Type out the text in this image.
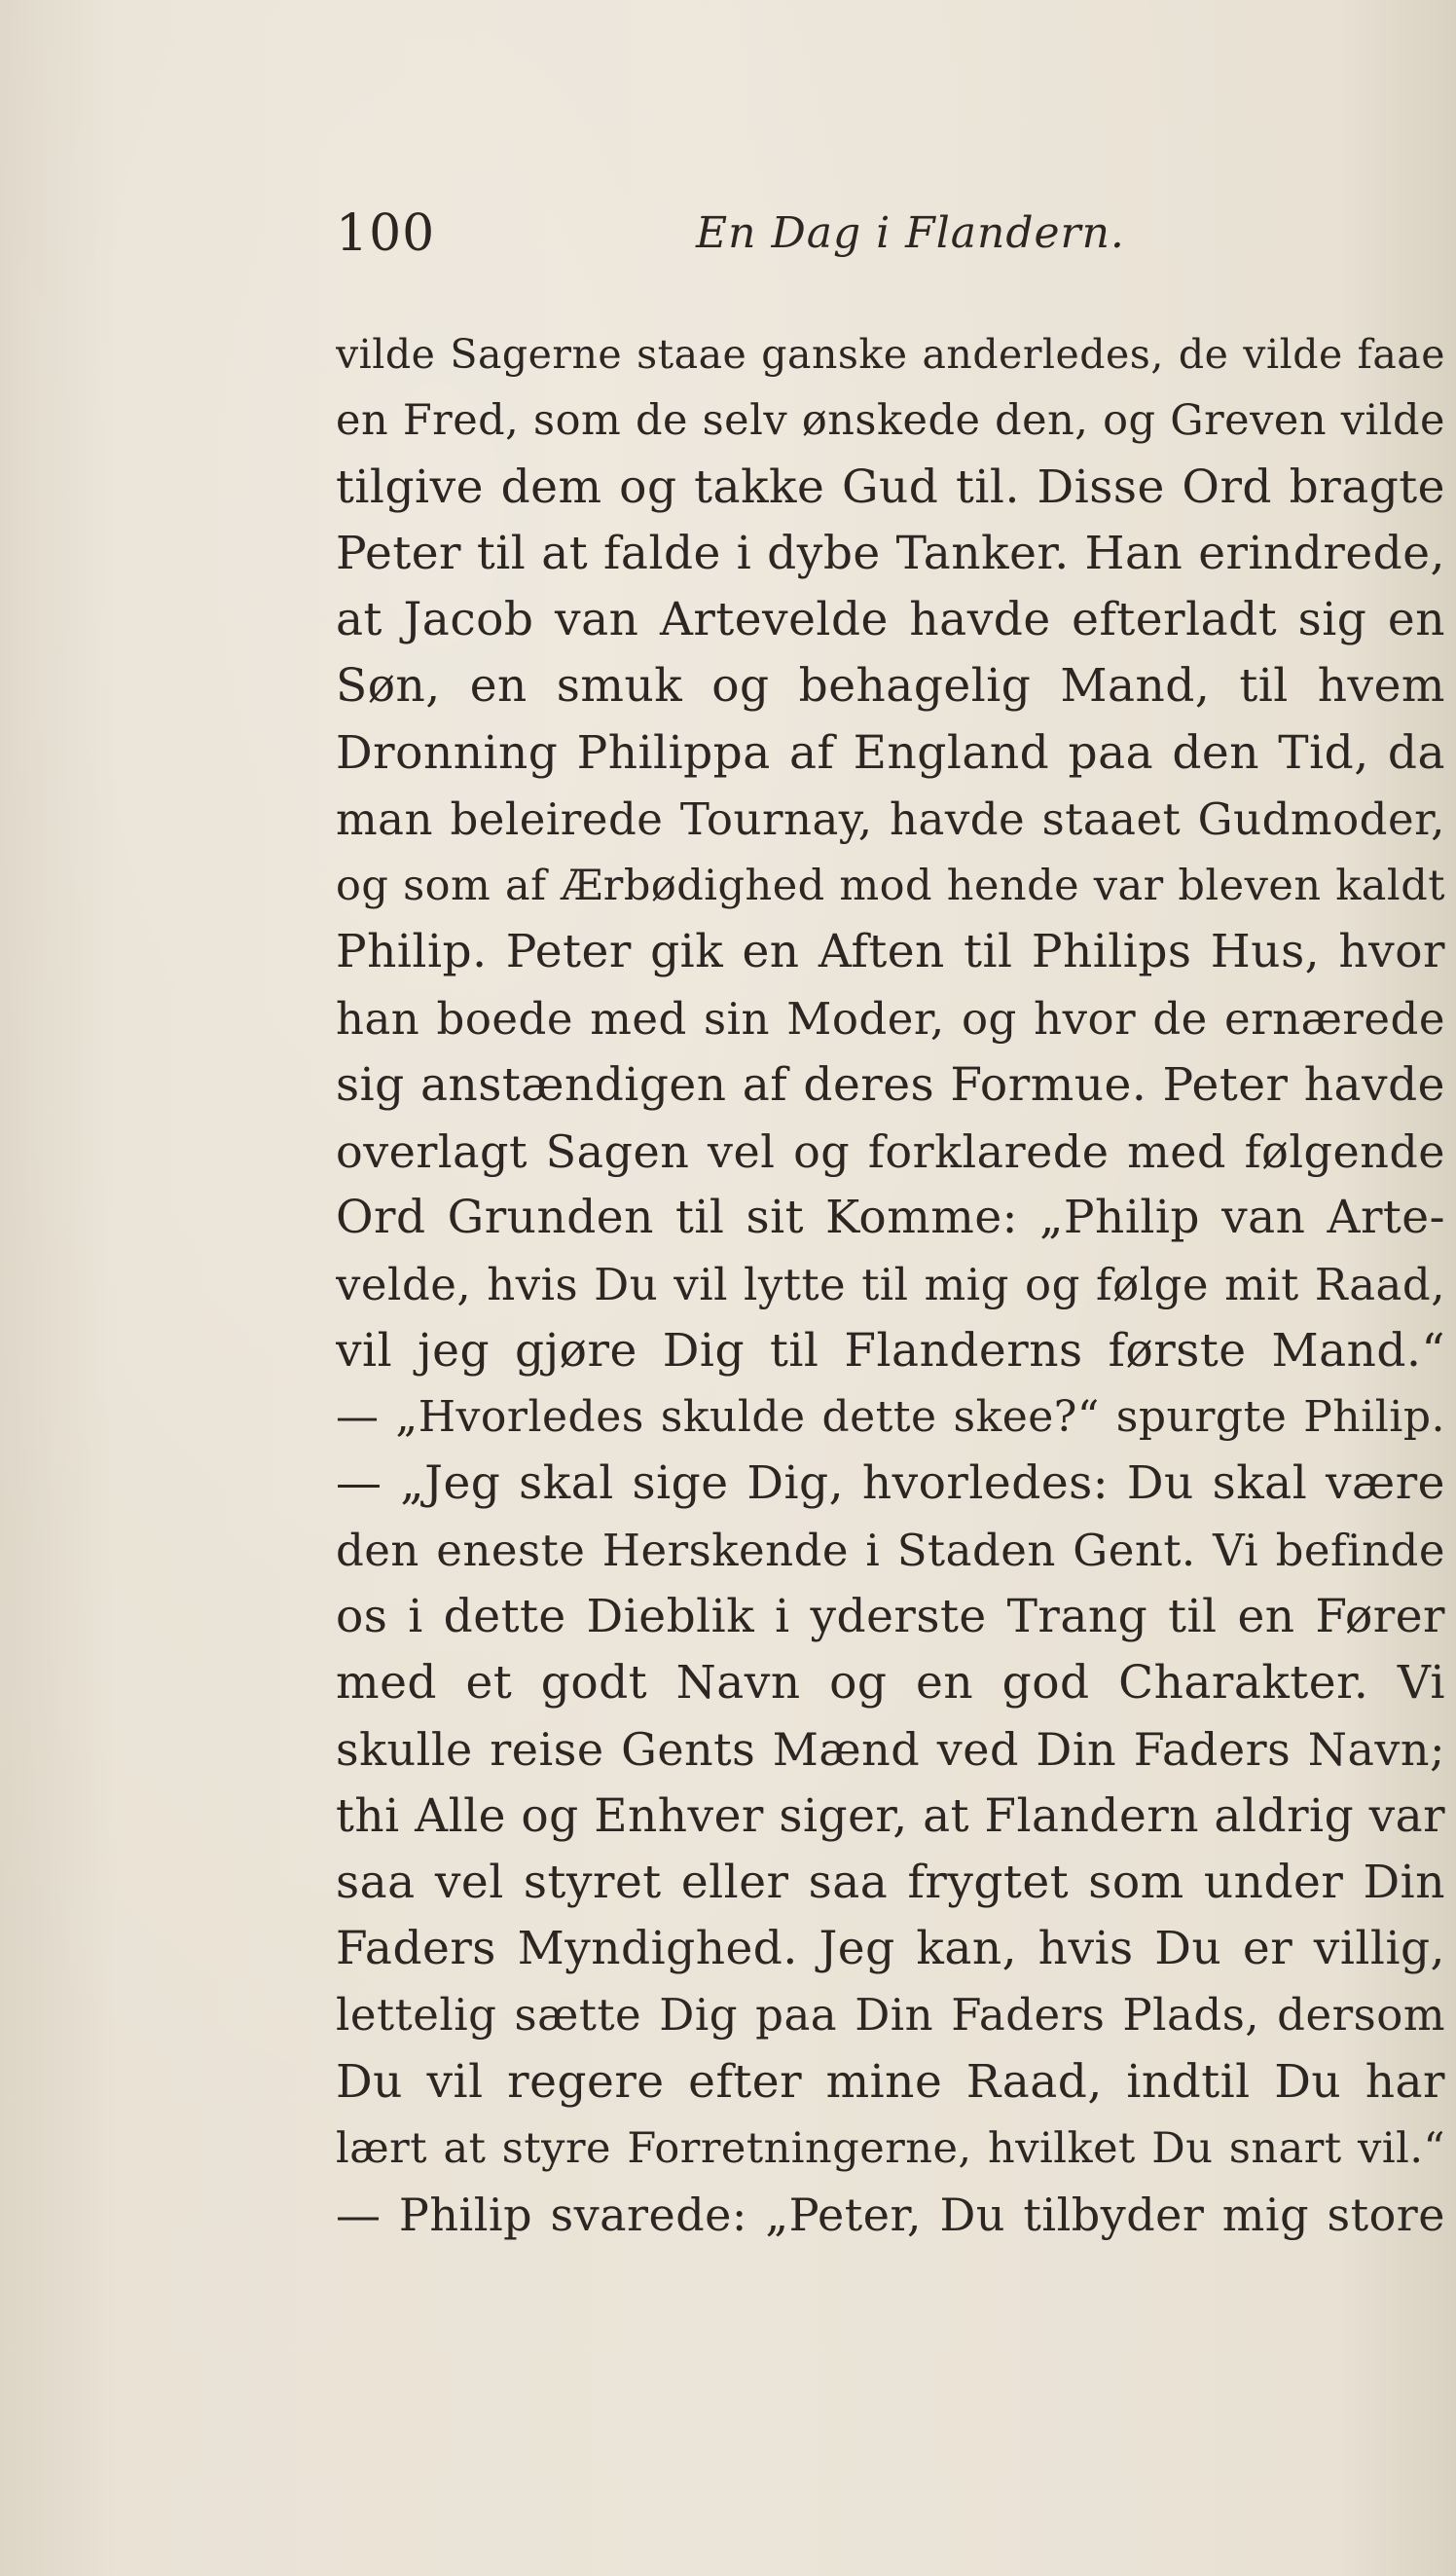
100	En Dag i Flandern.
vilde Sagerne staae ganske anderledes, de vilde faae
en Fred, som de selv ønskede den, og Greven vilde
tilgive dem og takke Gud til. Disse Ord bragte
Peter til at falde i dybe Tanker. Han erindrede,
at Jacob van Artevelde havde efterladt sig en
Søn, en smuk og behagelig Mand, til hvem
Dronning Philippa af England paa den Tid, da
man beleirede Tournay, havde staaet Gudmoder,
og som af Ærbødighed mod hende var bleven kaldt
Philip. Peter gik en Aften til Philips Hus, hvor
han boede med sin Moder, og hvor de ernærede
sig anstændigen af deres Formue. Peter havde
overlagt Sagen vel og forklarede med følgende
Ord Grunden til sit Komme: „Philip van Arte-
velde, hvis Du vil lytte til mig og følge mit Raad,
vil jeg gjøre Dig til Flanderns første Mand.“
— „Hvorledes skulde dette skee?“ spurgte Philip.
— „Jeg skal sige Dig, hvorledes: Du skal være
den eneste Herskende i Staden Gent. Vi befinde
os i dette Dieblik i yderste Trang til en Fører
med et godt Navn og en god Charakter. Vi
skulle reise Gents Mænd ved Din Faders Navn;
thi Alle og Enhver siger, at Flandern aldrig var
saa vel styret eller saa frygtet som under Din
Faders Myndighed. Jeg kan, hvis Du er villig,
lettelig sætte Dig paa Din Faders Plads, dersom
Du vil regere efter mine Raad, indtil Du har
lært at styre Forretningerne, hvilket Du snart vil.“
— Philip svarede: „Peter, Du tilbyder mig store
